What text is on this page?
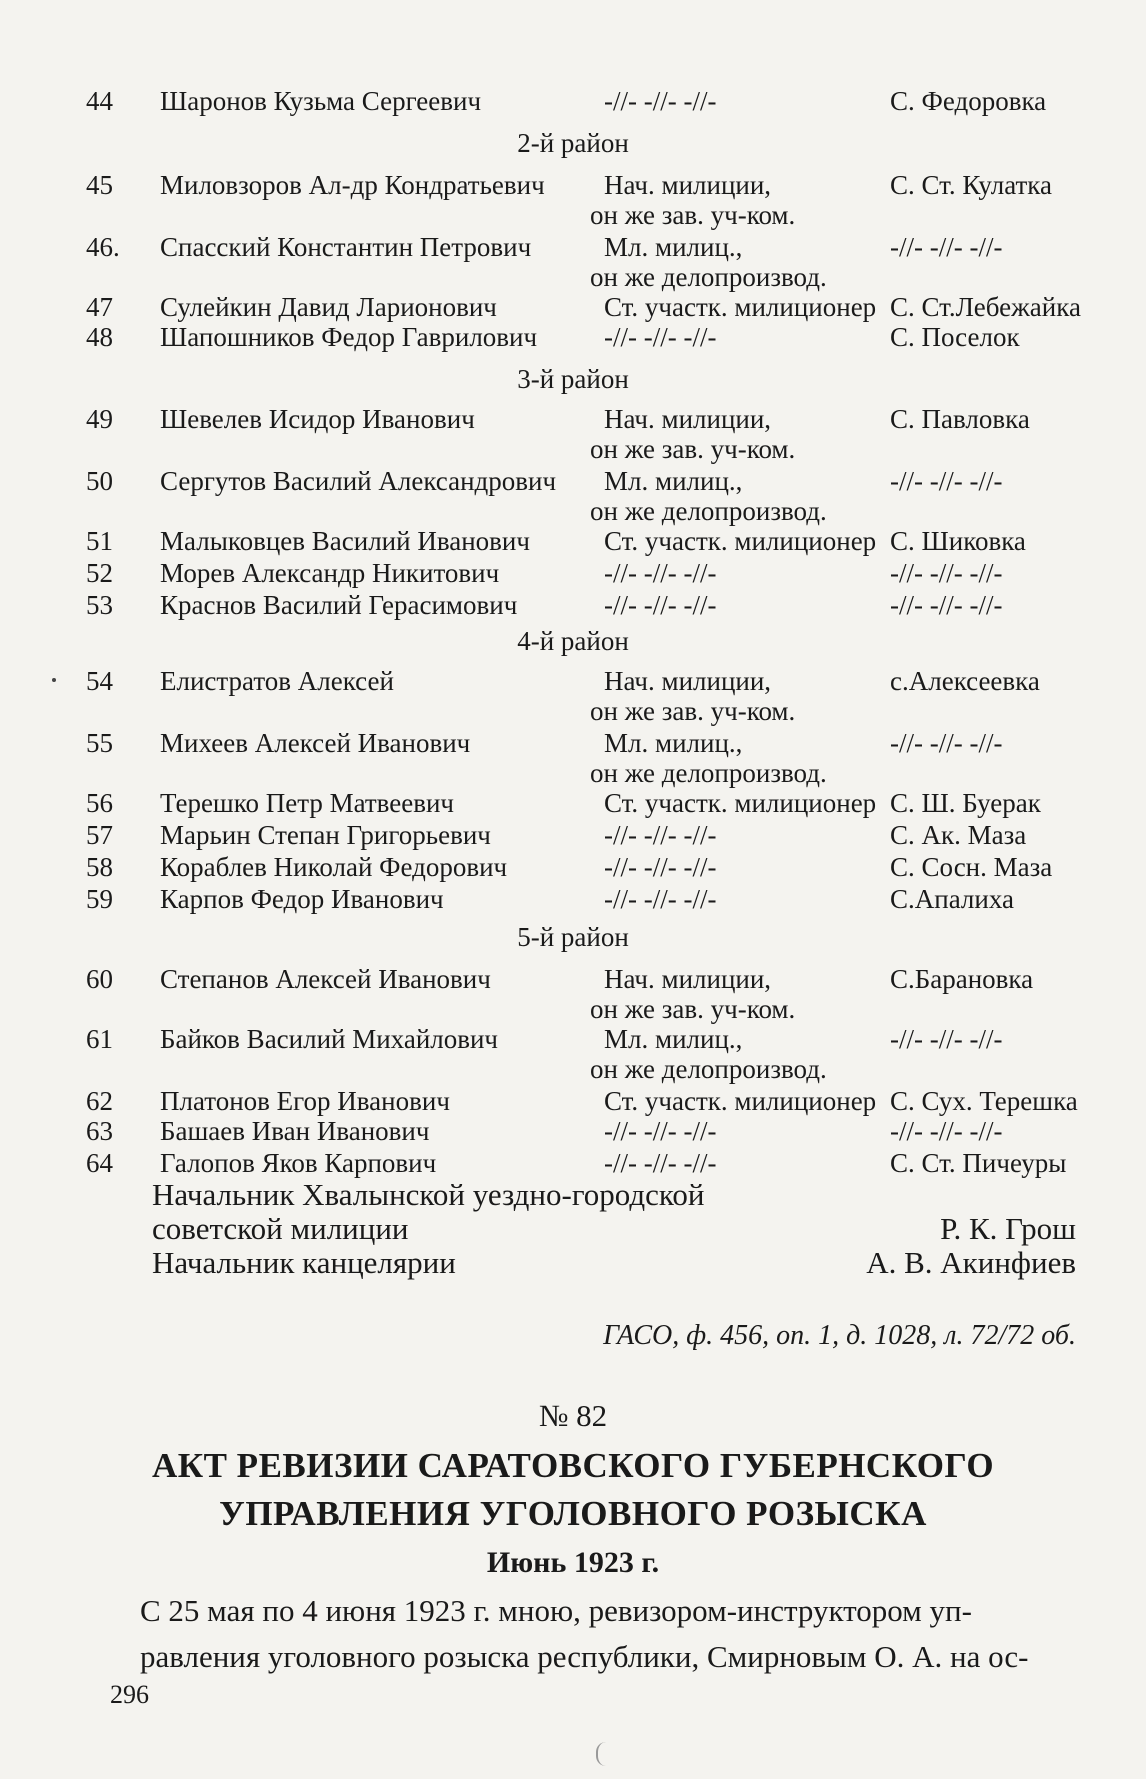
44 Шаронов Кузьма Сергеевич	-//- -//- -//-	С. Федоровка
2-й район
45 Миловзоров Ал-др Кондратьевич Нач. милиции,	С. Ст. Кулатка
он же зав. уч-ком.
46. Спасский Константин Петрович	Мл. милиц.,	-//- -//- -//-
он же делопроизвод.
47 Сулейкин Давид Ларионович	Ст. участк. милиционер С. Ст.Лебежайка
48 Шапошников Федор Гаврилович -//- -//- -//-	С. Поселок
3-й район
49 Шевелев Исидор Иванович	Нач. милиции,	С. Павловка
он же зав. уч-ком.
50 Сергутов Василий Александрович Мл. милиц.,	-//- -//- -//-
он же делопроизвод.
51 Малыковцев Василий Иванович	Ст. участк. милиционер С. Шиковка
52 Морев Александр Никитович	-//- -//- -//-	-//- -//- -//-
53 Краснов Василий Герасимович	-//- -//- -//-	-//- -//- -//-
4-й район
54 Елистратов Алексей	Нач. милиции,	с.Алексеевка
он же зав. уч-ком.
55 Михеев Алексей Иванович	Мл. милиц.,	-//- -//- -//-
он же делопроизвод.
56 Терешко Петр Матвеевич	Ст. участк. милиционер С. Ш. Буерак
57 Марьин Степан Григорьевич	-//- -//- -//-	С. Ак. Маза
58 Кораблев Николай Федорович	-//- -//- -//-	С. Сосн. Маза
59 Карпов Федор Иванович	-//- -//- -//-	С.Апалиха
5-й район
60 Степанов Алексей Иванович	Нач. милиции,	С.Барановка
он же зав. уч-ком.
61 Байков Василий Михайлович	Мл. милиц.,	-//- -//- -//-
он же делопроизвод.
62 Платонов Егор Иванович	Ст. участк. милиционер С. Сух. Терешка
63 Башаев Иван Иванович	-//- -//- -//-	-//- -//- -//-
64 Галопов Яков Карпович	-//- -//- -//-	С. Ст. Пичеуры
Начальник Хвалынской уездно-городской
советской милиции	Р. К. Грош
Начальник канцелярии	А. В. Акинфиев
ГАСО, ф. 456, оп. 1, д. 1028, л. 72/72 об.
№ 82
АКТ РЕВИЗИИ САРАТОВСКОГО ГУБЕРНСКОГО
УПРАВЛЕНИЯ УГОЛОВНОГО РОЗЫСКА
Июнь 1923 г.
С 25 мая по 4 июня 1923 г. мною, ревизором-инструктором уп-
равления уголовного розыска республики, Смирновым О. А. на ос-
296
